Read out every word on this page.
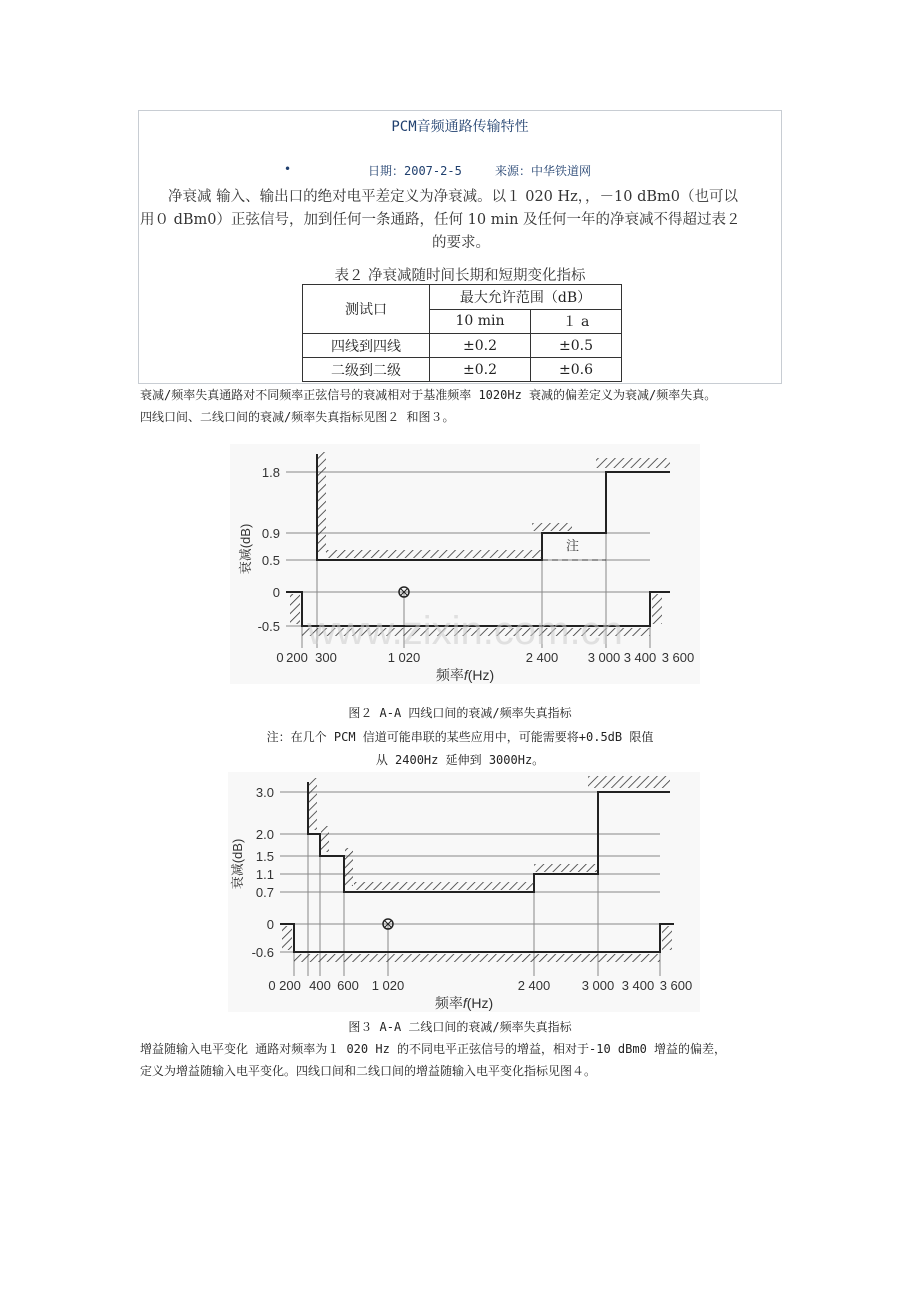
PCM音频通路传输特性
•	日期：2007-2-5	来源：中华铁道网
净衰减 输入、输出口的绝对电平差定义为净衰减。以１ 020 Hz，，－10 dBm0（也可以
用０ dBm0）正弦信号，加到任何一条通路，任何 10 min 及任何一年的净衰减不得超过表２
的要求。
表２ 净衰减随时间长期和短期变化指标
测试口	最大允许范围（dB）	
	10 min	１ a
四线到四线	±0.2	±0.5
二级到二级	±0.2	±0.6
衰减/频率失真通路对不同频率正弦信号的衰减相对于基准频率 1020Hz 衰减的偏差定义为衰减/频率失真。
四线口间、二线口间的衰减/频率失真指标见图２ 和图３。
注
www.zixin.com.cn
1.8
0.9
0.5
0
-0.5
衰减(dB)
0 200 300	1 020	2 400 3 000 3 400 3 600
频率f(Hz)
图２ A-A 四线口间的衰减/频率失真指标
注：在几个 PCM 信道可能串联的某些应用中，可能需要将+0.5dB 限值
从 2400Hz 延伸到 3000Hz。
3.0
2.0
1.5
1.1
0.7
0
-0.6
衰减(dB)
0 200 400 600 1 020	2 400 3 000 3 400 3 600
频率f(Hz)
图３ A-A 二线口间的衰减/频率失真指标
增益随输入电平变化 通路对频率为１ 020 Hz 的不同电平正弦信号的增益，相对于-10 dBm0 增益的偏差，
定义为增益随输入电平变化。四线口间和二线口间的增益随输入电平变化指标见图４。
